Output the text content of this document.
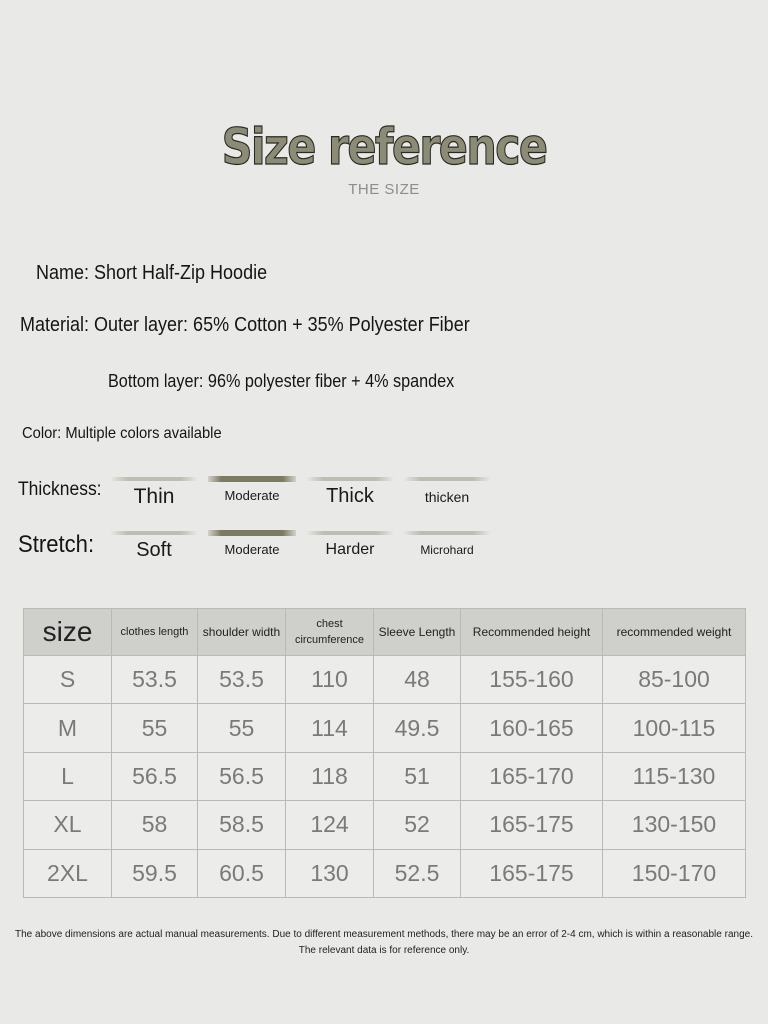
Size reference
THE SIZE
Name: Short Half-Zip Hoodie
Material: Outer layer: 65% Cotton + 35% Polyester Fiber
Bottom layer: 96% polyester fiber + 4% spandex
Color: Multiple colors available
Thickness:	Thin	Moderate	Thick	thicken
Stretch:	Soft	Moderate	Harder	Microhard
size	clothes length	shoulder width	chest circumference	Sleeve Length	Recommended height	recommended weight
S	53.5	53.5	110	48	155-160	85-100
M	55	55	114	49.5	160-165	100-115
L	56.5	56.5	118	51	165-170	115-130
XL	58	58.5	124	52	165-175	130-150
2XL	59.5	60.5	130	52.5	165-175	150-170
The above dimensions are actual manual measurements. Due to different measurement methods, there may be an error of 2-4 cm, which is within a reasonable range. The relevant data is for reference only.
